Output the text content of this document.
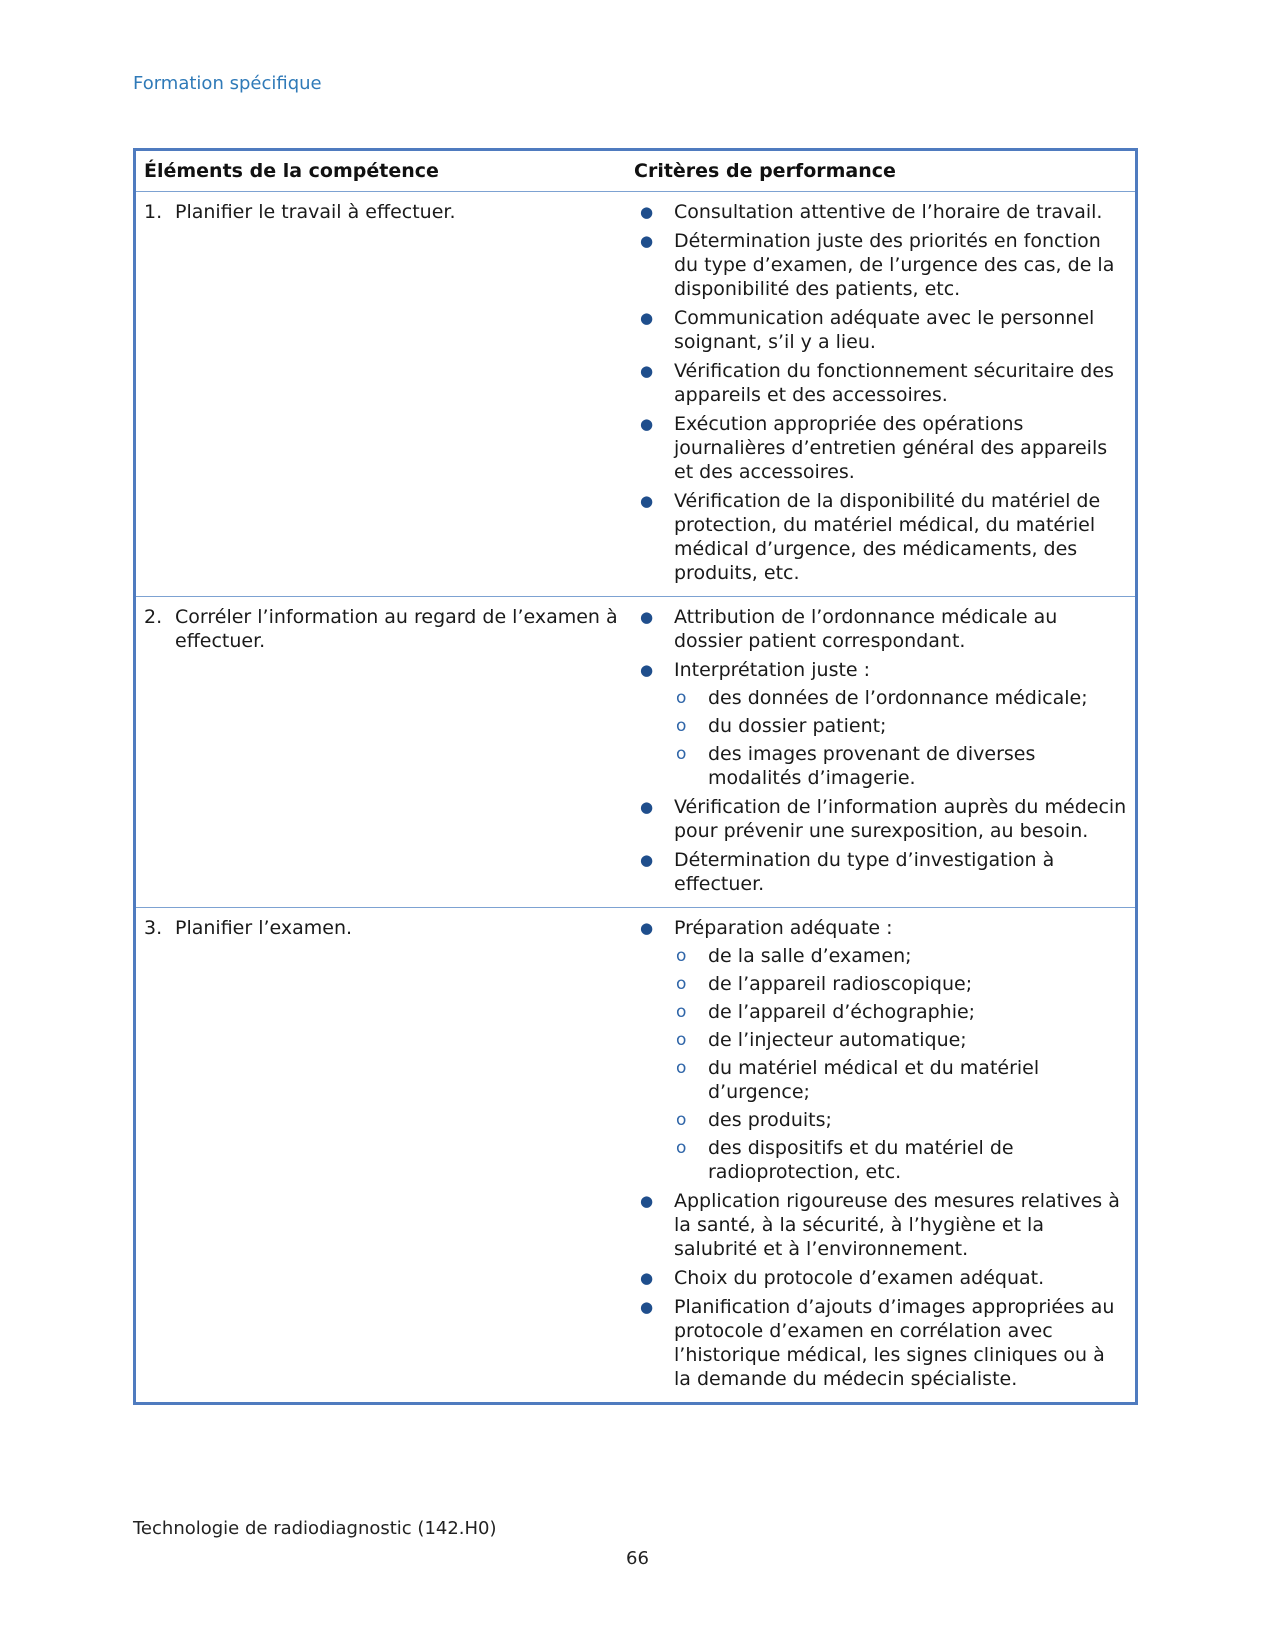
Formation spécifique
Éléments de la compétence	Critères de performance
1. Planifier le travail à effectuer.	●	Consultation attentive de l’horaire de travail.
●	Détermination juste des priorités en fonction du type d’examen, de l’urgence des cas, de la disponibilité des patients, etc.
●	Communication adéquate avec le personnel soignant, s’il y a lieu.
●	Vérification du fonctionnement sécuritaire des appareils et des accessoires.
●	Exécution appropriée des opérations journalières d’entretien général des appareils et des accessoires.
●	Vérification de la disponibilité du matériel de protection, du matériel médical, du matériel médical d’urgence, des médicaments, des produits, etc.
2. Corréler l’information au regard de l’examen à effectuer.
●	Attribution de l’ordonnance médicale au dossier patient correspondant.
●	Interprétation juste :
o	des données de l’ordonnance médicale;
o	du dossier patient;
o	des images provenant de diverses modalités d’imagerie.
●	Vérification de l’information auprès du médecin pour prévenir une surexposition, au besoin.
●	Détermination du type d’investigation à effectuer.
3. Planifier l’examen.	●	Préparation adéquate :
o	de la salle d’examen;
o	de l’appareil radioscopique;
o	de l’appareil d’échographie;
o	de l’injecteur automatique;
o	du matériel médical et du matériel d’urgence;
o	des produits;
o	des dispositifs et du matériel de radioprotection, etc.
●	Application rigoureuse des mesures relatives à la santé, à la sécurité, à l’hygiène et la salubrité et à l’environnement.
●	Choix du protocole d’examen adéquat.
●	Planification d’ajouts d’images appropriées au protocole d’examen en corrélation avec l’historique médical, les signes cliniques ou à la demande du médecin spécialiste.
Technologie de radiodiagnostic (142.H0)
66
